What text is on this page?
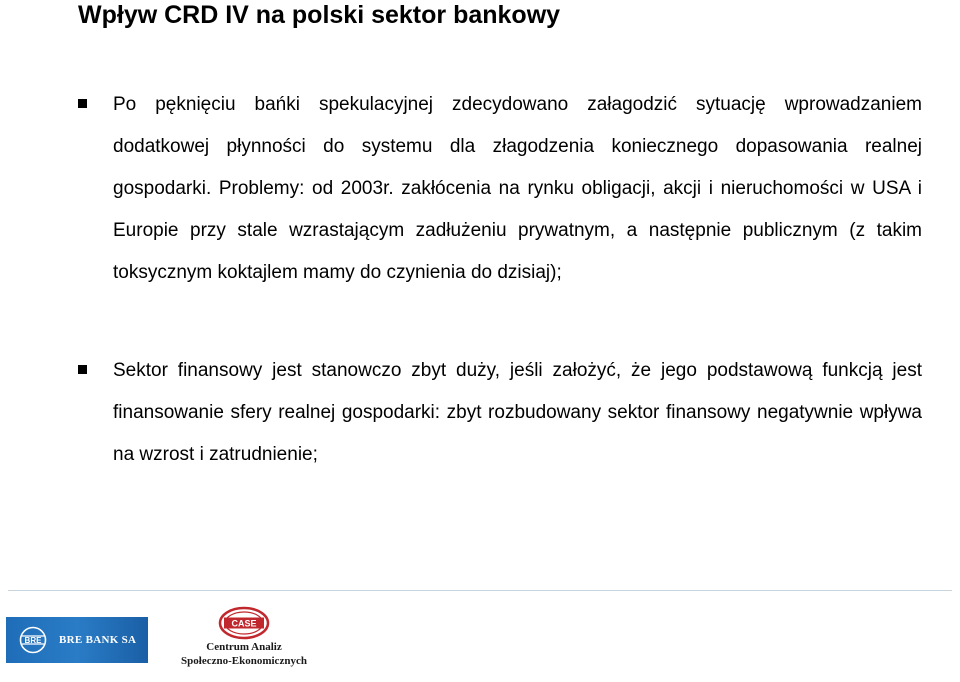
Wpływ CRD IV na polski sektor bankowy
Po pęknięciu bańki spekulacyjnej zdecydowano załagodzić sytuację wprowadzaniem dodatkowej płynności do systemu dla złagodzenia koniecznego dopasowania realnej gospodarki. Problemy: od 2003r. zakłócenia na rynku obligacji, akcji i nieruchomości w USA i Europie przy stale wzrastającym zadłużeniu prywatnym, a następnie publicznym (z takim toksycznym koktajlem mamy do czynienia do dzisiaj);
Sektor finansowy jest stanowczo zbyt duży, jeśli założyć, że jego podstawową funkcją jest finansowanie sfery realnej gospodarki: zbyt rozbudowany sektor finansowy negatywnie wpływa na wzrost i zatrudnienie;
BRE BRE BANK SA
CASE
Centrum Analiz
Społeczno-Ekonomicznych
